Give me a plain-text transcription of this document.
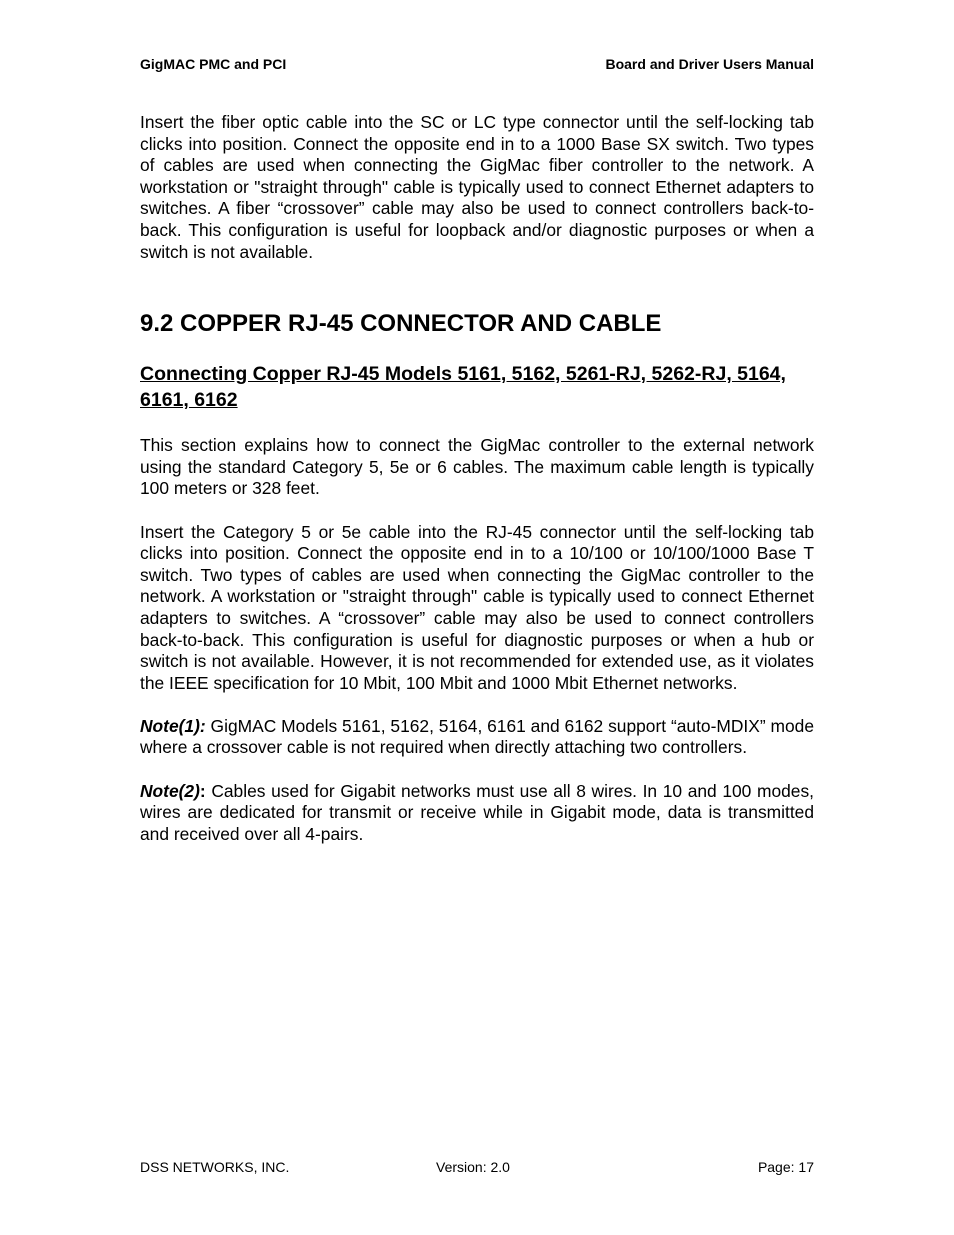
GigMAC PMC and PCI	Board and Driver Users Manual

Insert the fiber optic cable into the SC or LC type connector until the self-locking tab clicks into position. Connect the opposite end in to a 1000 Base SX switch. Two types of cables are used when connecting the GigMac fiber controller to the network. A workstation or "straight through" cable is typically used to connect Ethernet adapters to switches. A fiber “crossover” cable may also be used to connect controllers back-to-back. This configuration is useful for loopback and/or diagnostic purposes or when a switch is not available.

9.2 COPPER RJ-45 CONNECTOR AND CABLE
Connecting Copper RJ-45 Models 5161, 5162, 5261-RJ, 5262-RJ, 5164, 6161, 6162

This section explains how to connect the GigMac controller to the external network using the standard Category 5, 5e or 6 cables. The maximum cable length is typically 100 meters or 328 feet.

Insert the Category 5 or 5e cable into the RJ-45 connector until the self-locking tab clicks into position. Connect the opposite end in to a 10/100 or 10/100/1000 Base T switch. Two types of cables are used when connecting the GigMac controller to the network. A workstation or "straight through" cable is typically used to connect Ethernet adapters to switches. A “crossover” cable may also be used to connect controllers back-to-back. This configuration is useful for diagnostic purposes or when a hub or switch is not available. However, it is not recommended for extended use, as it violates the IEEE specification for 10 Mbit, 100 Mbit and 1000 Mbit Ethernet networks.

Note(1): GigMAC Models 5161, 5162, 5164, 6161 and 6162 support “auto-MDIX” mode where a crossover cable is not required when directly attaching two controllers.

Note(2): Cables used for Gigabit networks must use all 8 wires. In 10 and 100 modes, wires are dedicated for transmit or receive while in Gigabit mode, data is transmitted and received over all 4-pairs.

DSS NETWORKS, INC.	Version: 2.0	Page: 17
